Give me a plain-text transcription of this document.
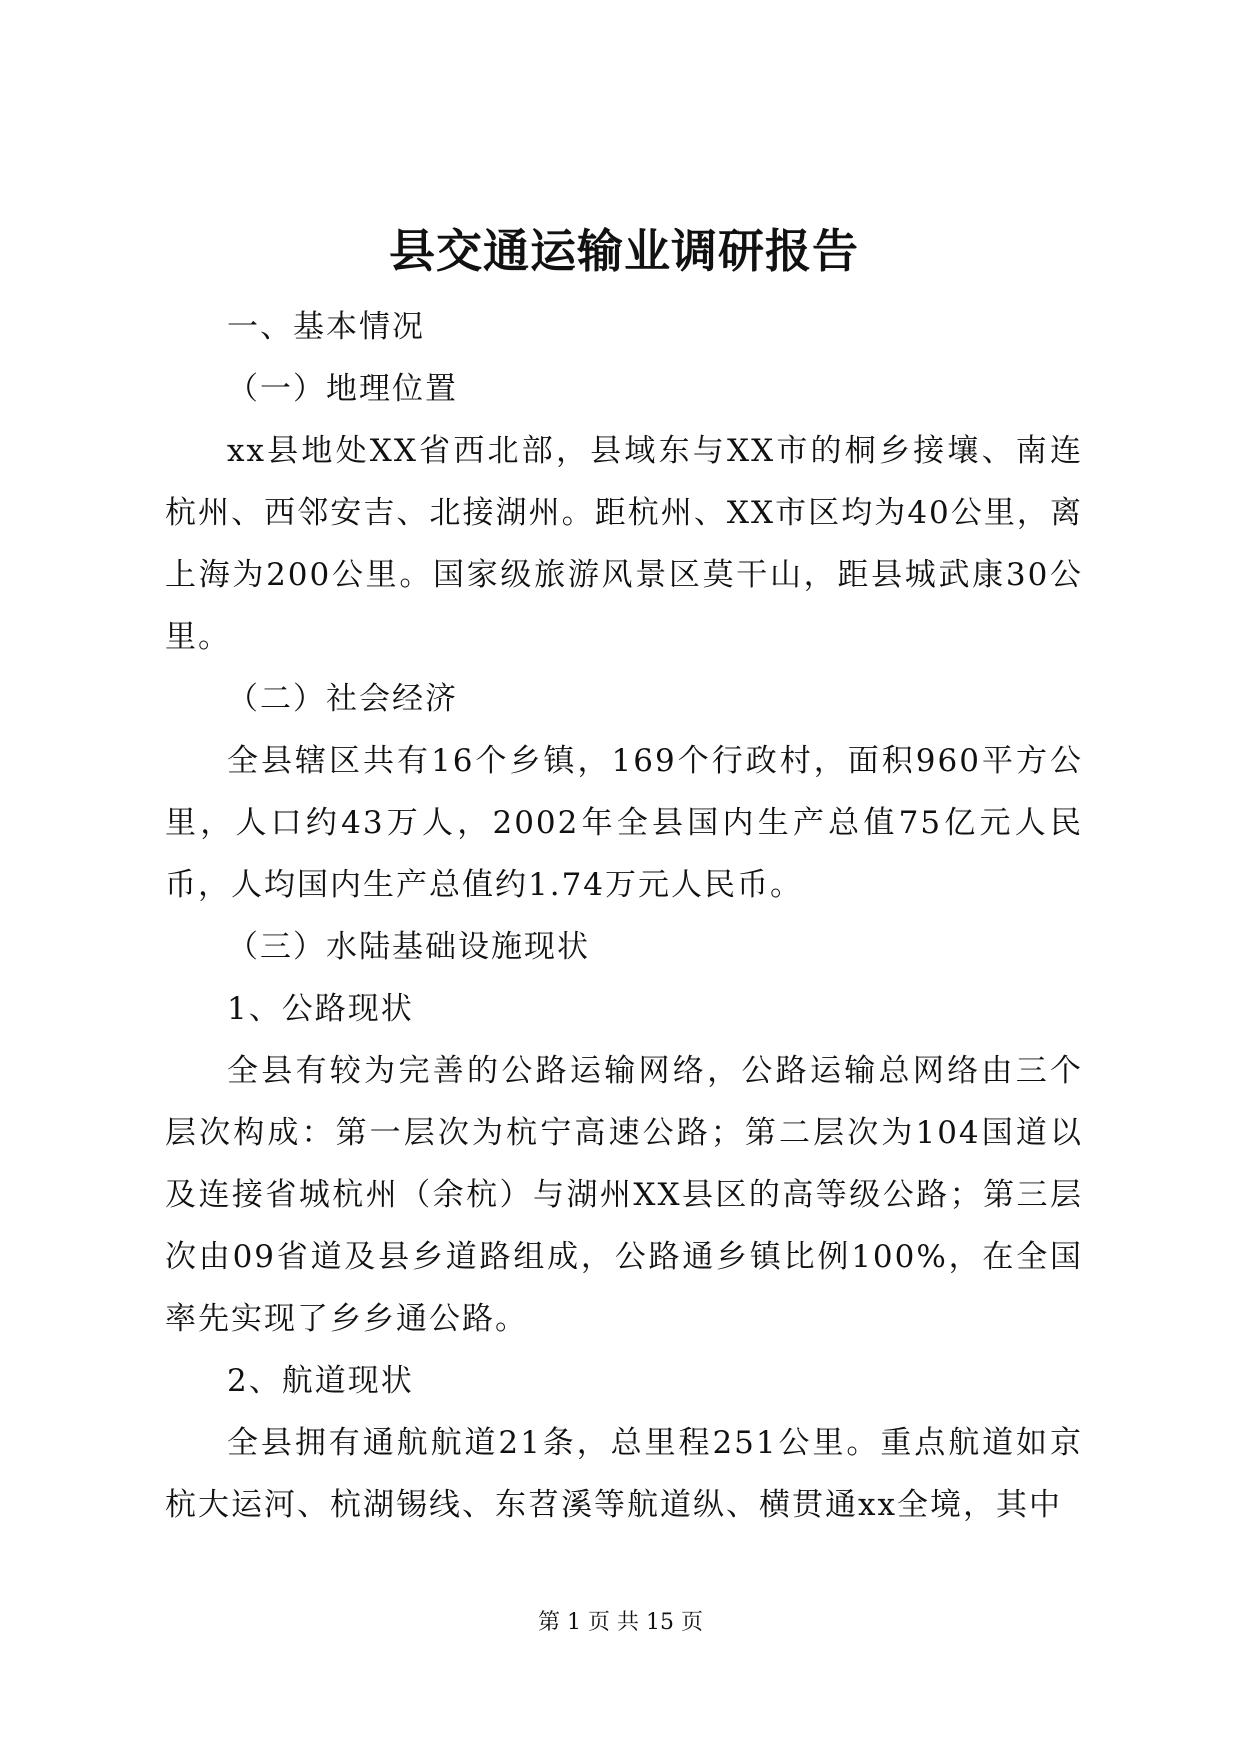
县交通运输业调研报告

一、基本情况

（一）地理位置

xx县地处XX省西北部，县域东与XX市的桐乡接壤、南连杭州、西邻安吉、北接湖州。距杭州、XX市区均为40公里，离上海为200公里。国家级旅游风景区莫干山，距县城武康30公里。

（二）社会经济

全县辖区共有16个乡镇，169个行政村，面积960平方公里，人口约43万人，2002年全县国内生产总值75亿元人民币，人均国内生产总值约1.74万元人民币。

（三）水陆基础设施现状

1、公路现状

全县有较为完善的公路运输网络，公路运输总网络由三个层次构成：第一层次为杭宁高速公路；第二层次为104国道以及连接省城杭州（余杭）与湖州XX县区的高等级公路；第三层次由09省道及县乡道路组成，公路通乡镇比例100%，在全国率先实现了乡乡通公路。

2、航道现状

全县拥有通航航道21条，总里程251公里。重点航道如京杭大运河、杭湖锡线、东苕溪等航道纵、横贯通xx全境，其中

第 1 页 共 15 页
